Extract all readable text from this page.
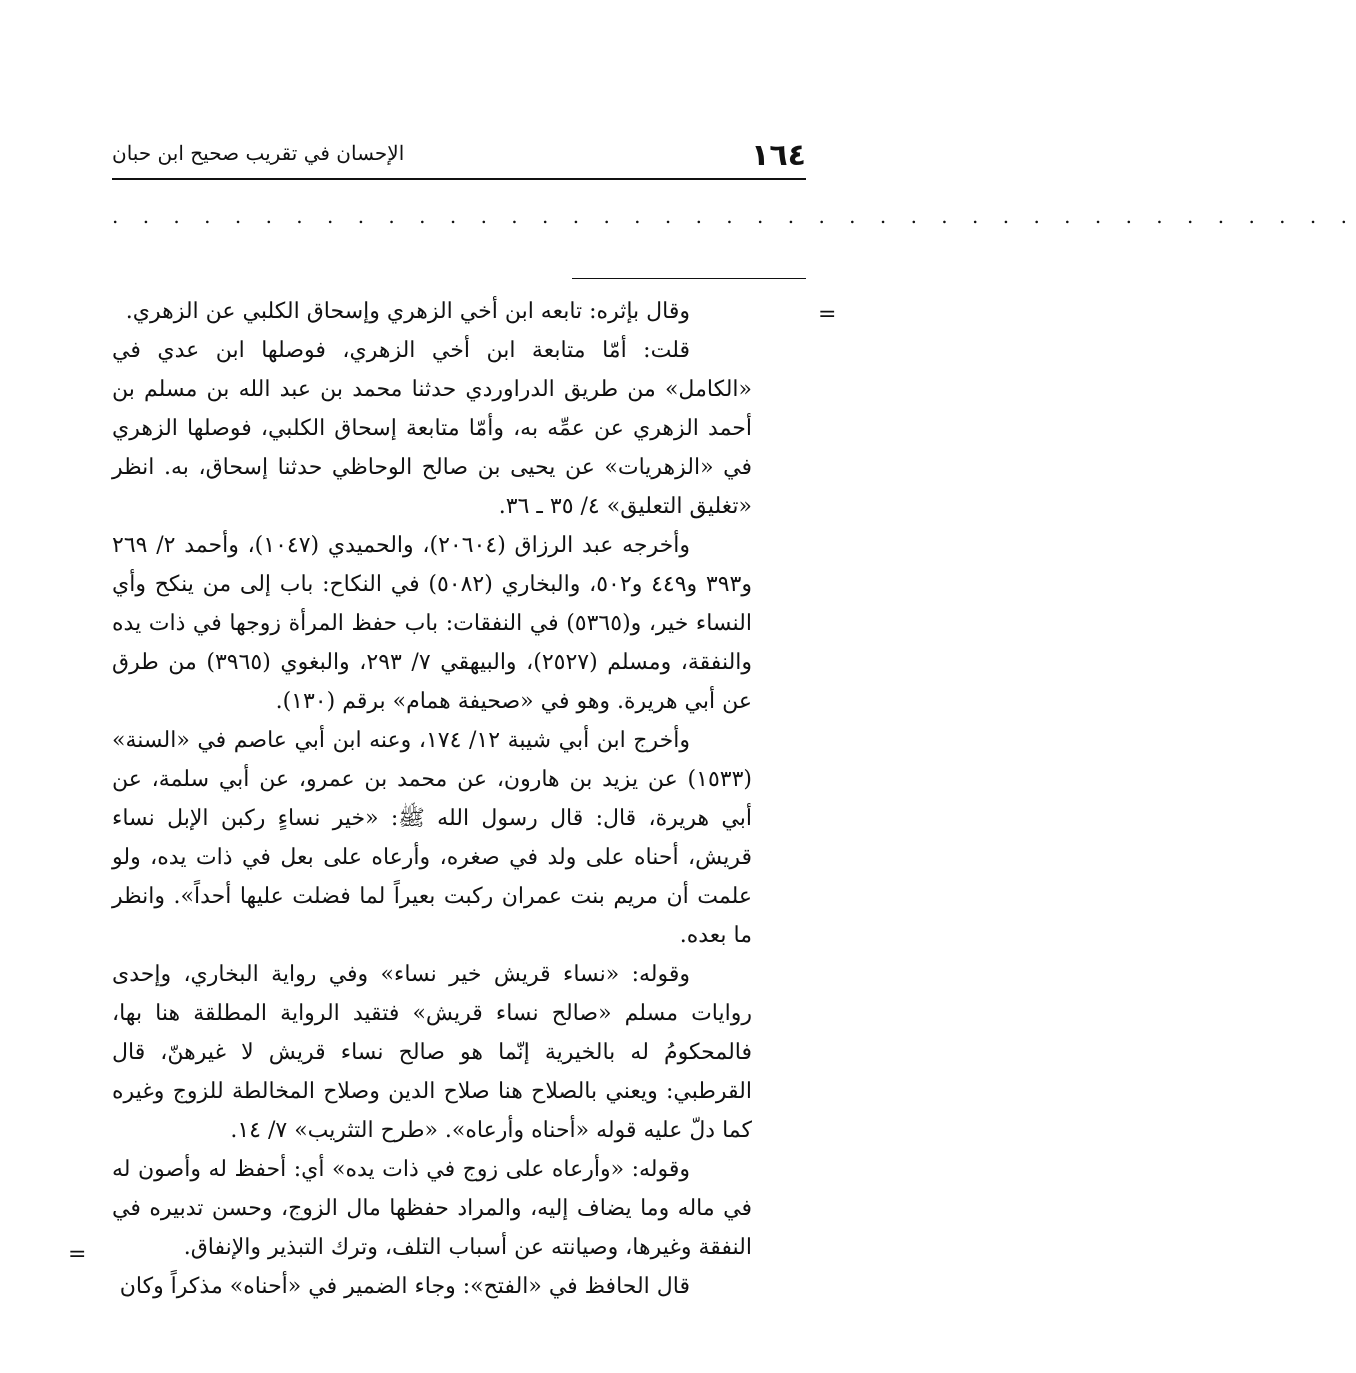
١٦٤
الإحسان في تقريب صحيح ابن حبان
. . . . . . . . . . . . . . . . . . . . . . . . . . . . . . . . . . . . . . . . .
=

وقال بإثره: تابعه ابن أخي الزهري وإسحاق الكلبي عن الزهري.

قلت: أمّا متابعة ابن أخي الزهري، فوصلها ابن عدي في «الكامل» من طريق الدراوردي حدثنا محمد بن عبد الله بن مسلم بن أحمد الزهري عن عمِّه به، وأمّا متابعة إسحاق الكلبي، فوصلها الزهري في «الزهريات» عن يحيى بن صالح الوحاظي حدثنا إسحاق، به. انظر «تغليق التعليق» ٤/ ٣٥ ـ ٣٦.

وأخرجه عبد الرزاق (٢٠٦٠٤)، والحميدي (١٠٤٧)، وأحمد ٢/ ٢٦٩ و٣٩٣ و٤٤٩ و٥٠٢، والبخاري (٥٠٨٢) في النكاح: باب إلى من ينكح وأي النساء خير، و(٥٣٦٥) في النفقات: باب حفظ المرأة زوجها في ذات يده والنفقة، ومسلم (٢٥٢٧)، والبيهقي ٧/ ٢٩٣، والبغوي (٣٩٦٥) من طرق عن أبي هريرة. وهو في «صحيفة همام» برقم (١٣٠).

وأخرج ابن أبي شيبة ١٢/ ١٧٤، وعنه ابن أبي عاصم في «السنة» (١٥٣٣) عن يزيد بن هارون، عن محمد بن عمرو، عن أبي سلمة، عن أبي هريرة، قال: قال رسول الله ﷺ: «خير نساءٍ ركبن الإبل نساء قريش، أحناه على ولد في صغره، وأرعاه على بعل في ذات يده، ولو علمت أن مريم بنت عمران ركبت بعيراً لما فضلت عليها أحداً». وانظر ما بعده.

وقوله: «نساء قريش خير نساء» وفي رواية البخاري، وإحدى روايات مسلم «صالح نساء قريش» فتقيد الرواية المطلقة هنا بها، فالمحكومُ له بالخيرية إنّما هو صالح نساء قريش لا غيرهنّ، قال القرطبي: ويعني بالصلاح هنا صلاح الدين وصلاح المخالطة للزوج وغيره كما دلّ عليه قوله «أحناه وأرعاه». «طرح التثريب» ٧/ ١٤.

وقوله: «وأرعاه على زوج في ذات يده» أي: أحفظ له وأصون له في ماله وما يضاف إليه، والمراد حفظها مال الزوج، وحسن تدبيره في النفقة وغيرها، وصيانته عن أسباب التلف، وترك التبذير والإنفاق.

قال الحافظ في «الفتح»: وجاء الضمير في «أحناه» مذكراً وكان

=
